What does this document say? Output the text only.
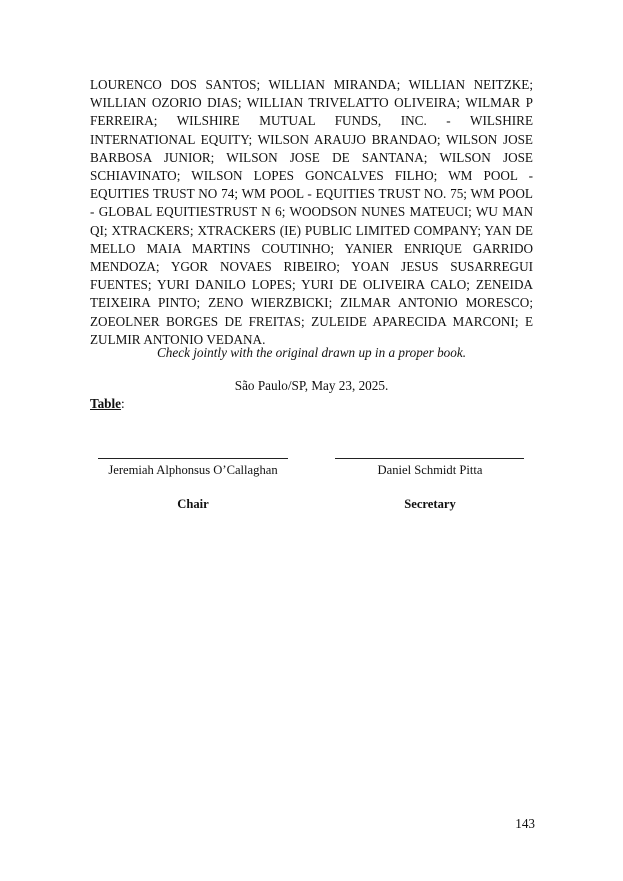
LOURENCO DOS SANTOS; WILLIAN MIRANDA; WILLIAN NEITZKE; WILLIAN OZORIO DIAS; WILLIAN TRIVELATTO OLIVEIRA; WILMAR P FERREIRA; WILSHIRE MUTUAL FUNDS, INC. - WILSHIRE INTERNATIONAL EQUITY; WILSON ARAUJO BRANDAO; WILSON JOSE BARBOSA JUNIOR; WILSON JOSE DE SANTANA; WILSON JOSE SCHIAVINATO; WILSON LOPES GONCALVES FILHO; WM POOL - EQUITIES TRUST NO 74; WM POOL - EQUITIES TRUST NO. 75; WM POOL - GLOBAL EQUITIESTRUST N 6; WOODSON NUNES MATEUCI; WU MAN QI; XTRACKERS; XTRACKERS (IE) PUBLIC LIMITED COMPANY; YAN DE MELLO MAIA MARTINS COUTINHO; YANIER ENRIQUE GARRIDO MENDOZA; YGOR NOVAES RIBEIRO; YOAN JESUS SUSARREGUI FUENTES; YURI DANILO LOPES; YURI DE OLIVEIRA CALO; ZENEIDA TEIXEIRA PINTO; ZENO WIERZBICKI; ZILMAR ANTONIO MORESCO; ZOEOLNER BORGES DE FREITAS; ZULEIDE APARECIDA MARCONI; E ZULMIR ANTONIO VEDANA.

Check jointly with the original drawn up in a proper book.

São Paulo/SP, May 23, 2025.

Table:

Jeremiah Alphonsus O’Callaghan	Daniel Schmidt Pitta

Chair	Secretary

143
